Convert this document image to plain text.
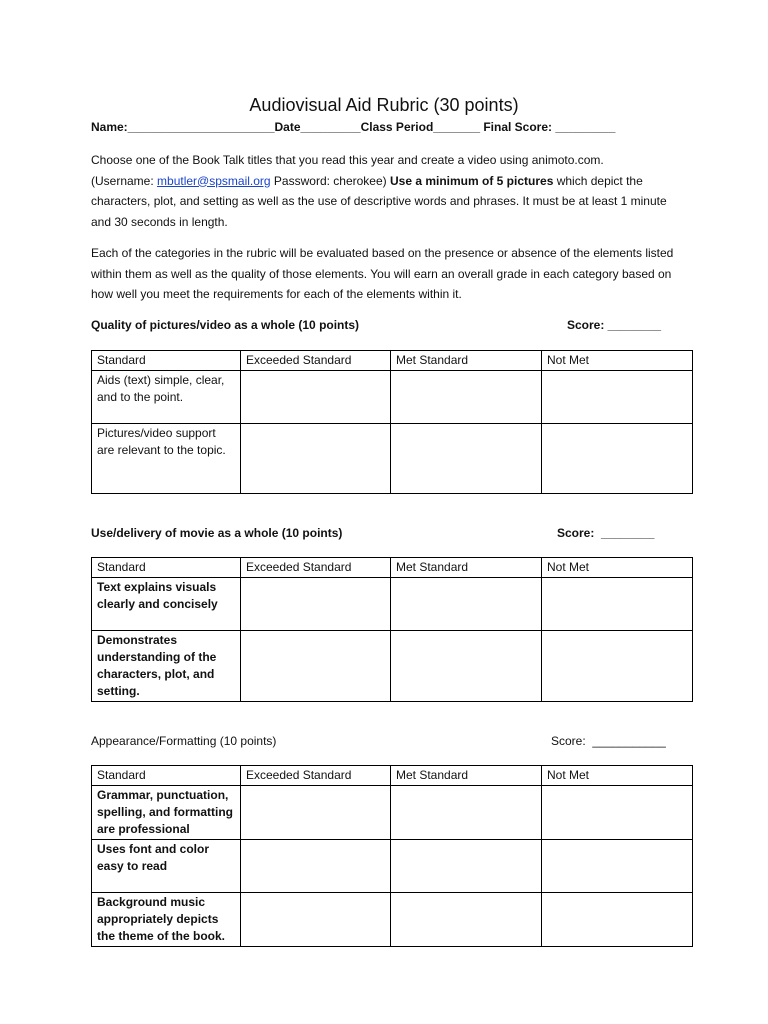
Audiovisual Aid Rubric (30 points)
Name:______________________Date_________Class Period_______ Final Score: _________
Choose one of the Book Talk titles that you read this year and create a video using animoto.com.
(Username: mbutler@spsmail.org Password: cherokee) Use a minimum of 5 pictures which depict the characters, plot, and setting as well as the use of descriptive words and phrases. It must be at least 1 minute and 30 seconds in length.
Each of the categories in the rubric will be evaluated based on the presence or absence of the elements listed within them as well as the quality of those elements. You will earn an overall grade in each category based on how well you meet the requirements for each of the elements within it.
Quality of pictures/video as a whole (10 points)	Score: ________
Standard	Exceeded Standard	Met Standard	Not Met
Aids (text) simple, clear, and to the point.			
Pictures/video support are relevant to the topic.			
Use/delivery of movie as a whole (10 points)	Score:  ________
Standard	Exceeded Standard	Met Standard	Not Met
Text explains visuals clearly and concisely			
Demonstrates understanding of the characters, plot, and setting.			
Appearance/Formatting (10 points)	Score:  ___________
Standard	Exceeded Standard	Met Standard	Not Met
Grammar, punctuation, spelling, and formatting are professional			
Uses font and color easy to read			
Background music appropriately depicts the theme of the book.			
